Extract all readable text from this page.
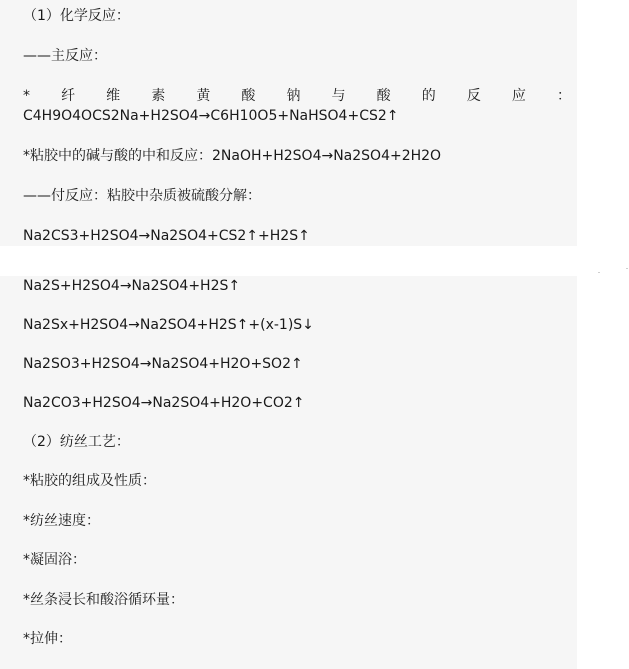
（1）化学反应：
——主反应：
* 纤 维 素 黄 酸 钠 与 酸 的 反 应 ：
C4H9O4OCS2Na+H2SO4→C6H10O5+NaHSO4+CS2↑
*粘胶中的碱与酸的中和反应：2NaOH+H2SO4→Na2SO4+2H2O
——付反应：粘胶中杂质被硫酸分解：
Na2CS3+H2SO4→Na2SO4+CS2↑+H2S↑
Na2S+H2SO4→Na2SO4+H2S↑
Na2Sx+H2SO4→Na2SO4+H2S↑+(x-1)S↓
Na2SO3+H2SO4→Na2SO4+H2O+SO2↑
Na2CO3+H2SO4→Na2SO4+H2O+CO2↑
（2）纺丝工艺：
*粘胶的组成及性质：
*纺丝速度：
*凝固浴：
*丝条浸长和酸浴循环量：
*拉伸：
